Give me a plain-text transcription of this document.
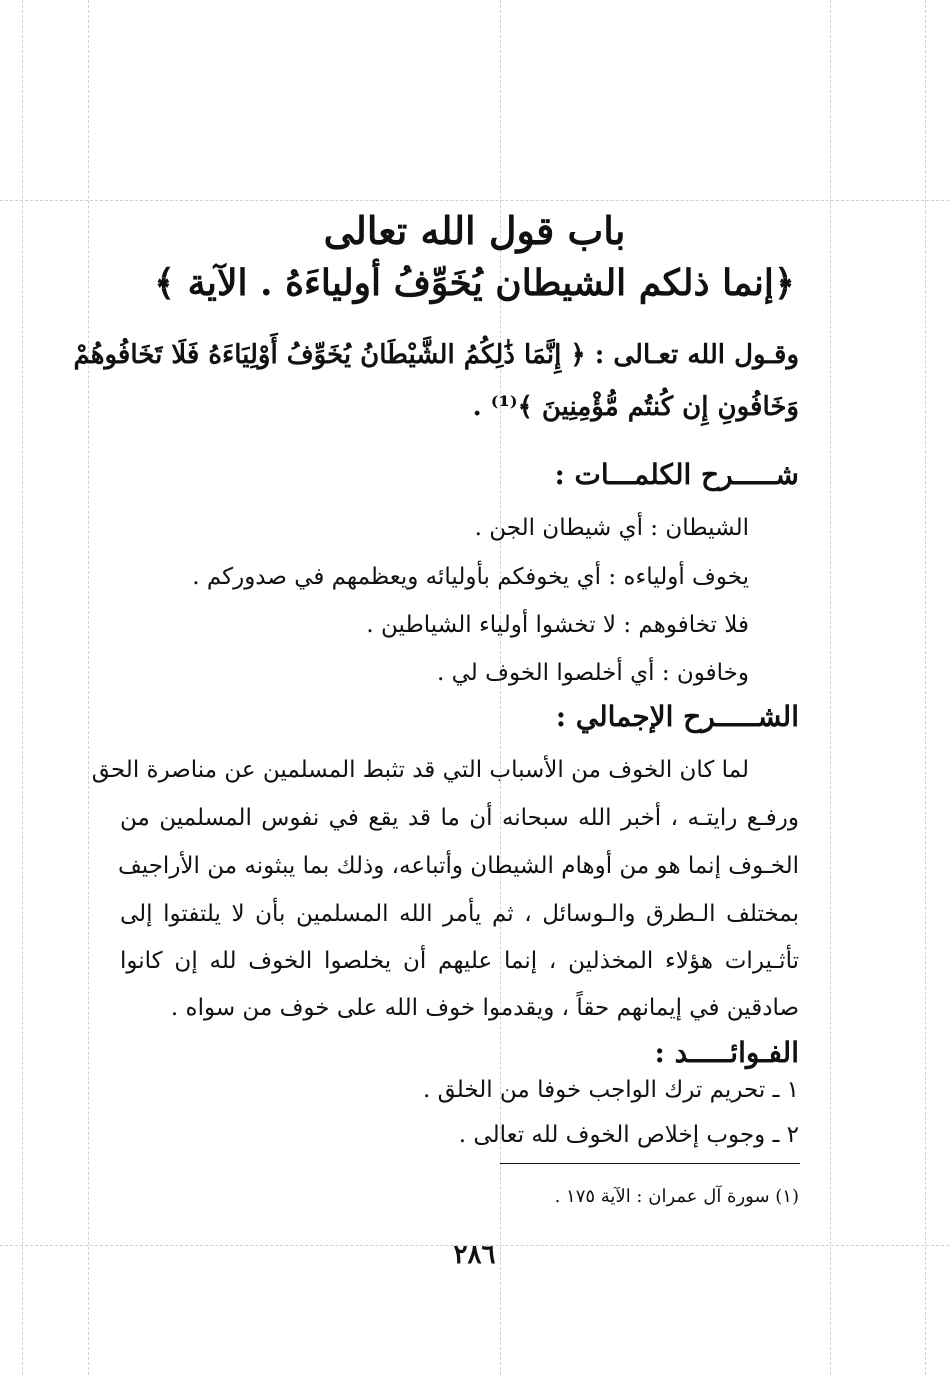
باب قول الله تعالى
﴿إنما ذلكم الشيطان يُخَوِّفُ أولياءَهُ . الآية ﴾
وقـول الله تعـالى : ﴿ إِنَّمَا ذَٰلِكُمُ الشَّيْطَانُ يُخَوِّفُ أَوْلِيَاءَهُ فَلَا تَخَافُوهُمْ
وَخَافُونِ إِن كُنتُم مُّؤْمِنِينَ ﴾⁽¹⁾ .
شـــــرح الكلمـــات :
الشيطان : أي شيطان الجن .
يخوف أولياءه : أي يخوفكم بأوليائه ويعظمهم في صدوركم .
فلا تخافوهم : لا تخشوا أولياء الشياطين .
وخافون : أي أخلصوا الخوف لي .
الشـــــرح الإجمالي :
لما كان الخوف من الأسباب التي قد تثبط المسلمين عن مناصرة الحق
ورفـع رايتـه ، أخبر الله سبحانه أن ما قد يقع في نفوس المسلمين من
الخـوف إنما هو من أوهام الشيطان وأتباعه، وذلك بما يبثونه من الأراجيف
بمختلف الـطرق والـوسائل ، ثم يأمر الله المسلمين بأن لا يلتفتوا إلى
تأثـيرات هؤلاء المخذلين ، إنما عليهم أن يخلصوا الخوف لله إن كانوا
صادقين في إيمانهم حقاً ، ويقدموا خوف الله على خوف من سواه .
الفـوائـــــد :
١ ـ تحريم ترك الواجب خوفا من الخلق .
٢ ـ وجوب إخلاص الخوف لله تعالى .
(١) سورة آل عمران : الآية ١٧٥ .
٢٨٦
